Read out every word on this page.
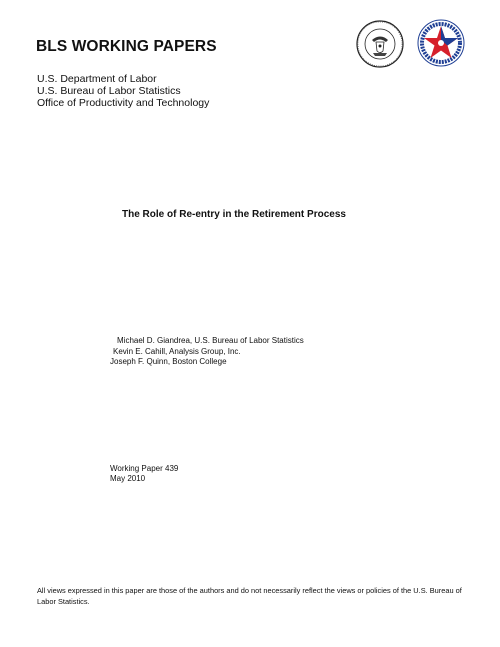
BLS WORKING PAPERS
U.S. Department of Labor
U.S. Bureau of Labor Statistics
Office of Productivity and Technology
The Role of Re-entry in the Retirement Process
Michael D. Giandrea, U.S. Bureau of Labor Statistics
Kevin E. Cahill, Analysis Group, Inc.
Joseph F. Quinn, Boston College
Working Paper 439
May 2010
All views expressed in this paper are those of the authors and do not necessarily reflect the views or policies of the U.S. Bureau of Labor Statistics.
